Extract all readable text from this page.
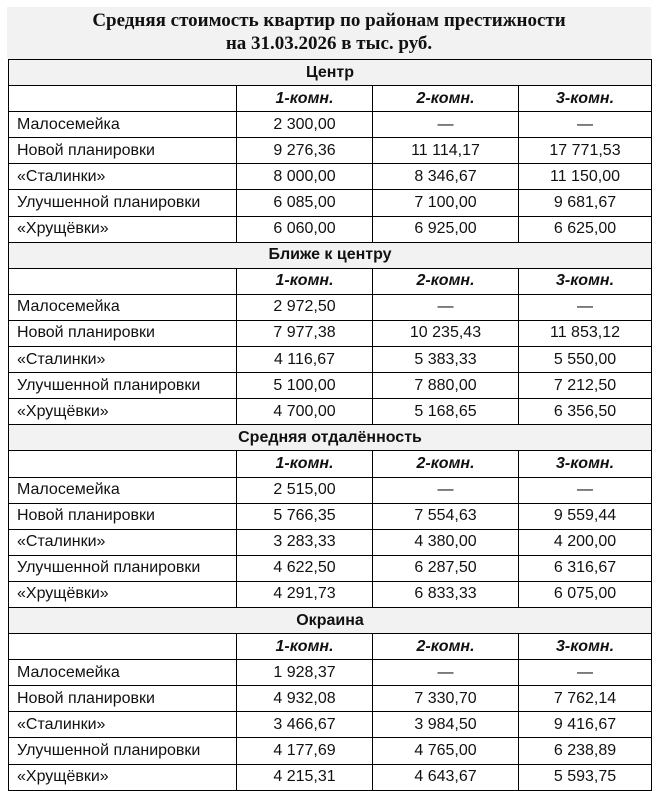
Средняя стоимость квартир по районам престижности
на 31.03.2026 в тыс. руб.
Центр			
	1-комн.	2-комн.	3-комн.
Малосемейка	2 300,00	—	—
Новой планировки	9 276,36	11 114,17	17 771,53
«Сталинки»	8 000,00	8 346,67	11 150,00
Улучшенной планировки	6 085,00	7 100,00	9 681,67
«Хрущёвки»	6 060,00	6 925,00	6 625,00
Ближе к центру			
	1-комн.	2-комн.	3-комн.
Малосемейка	2 972,50	—	—
Новой планировки	7 977,38	10 235,43	11 853,12
«Сталинки»	4 116,67	5 383,33	5 550,00
Улучшенной планировки	5 100,00	7 880,00	7 212,50
«Хрущёвки»	4 700,00	5 168,65	6 356,50
Средняя отдалённость			
	1-комн.	2-комн.	3-комн.
Малосемейка	2 515,00	—	—
Новой планировки	5 766,35	7 554,63	9 559,44
«Сталинки»	3 283,33	4 380,00	4 200,00
Улучшенной планировки	4 622,50	6 287,50	6 316,67
«Хрущёвки»	4 291,73	6 833,33	6 075,00
Окраина			
	1-комн.	2-комн.	3-комн.
Малосемейка	1 928,37	—	—
Новой планировки	4 932,08	7 330,70	7 762,14
«Сталинки»	3 466,67	3 984,50	9 416,67
Улучшенной планировки	4 177,69	4 765,00	6 238,89
«Хрущёвки»	4 215,31	4 643,67	5 593,75
